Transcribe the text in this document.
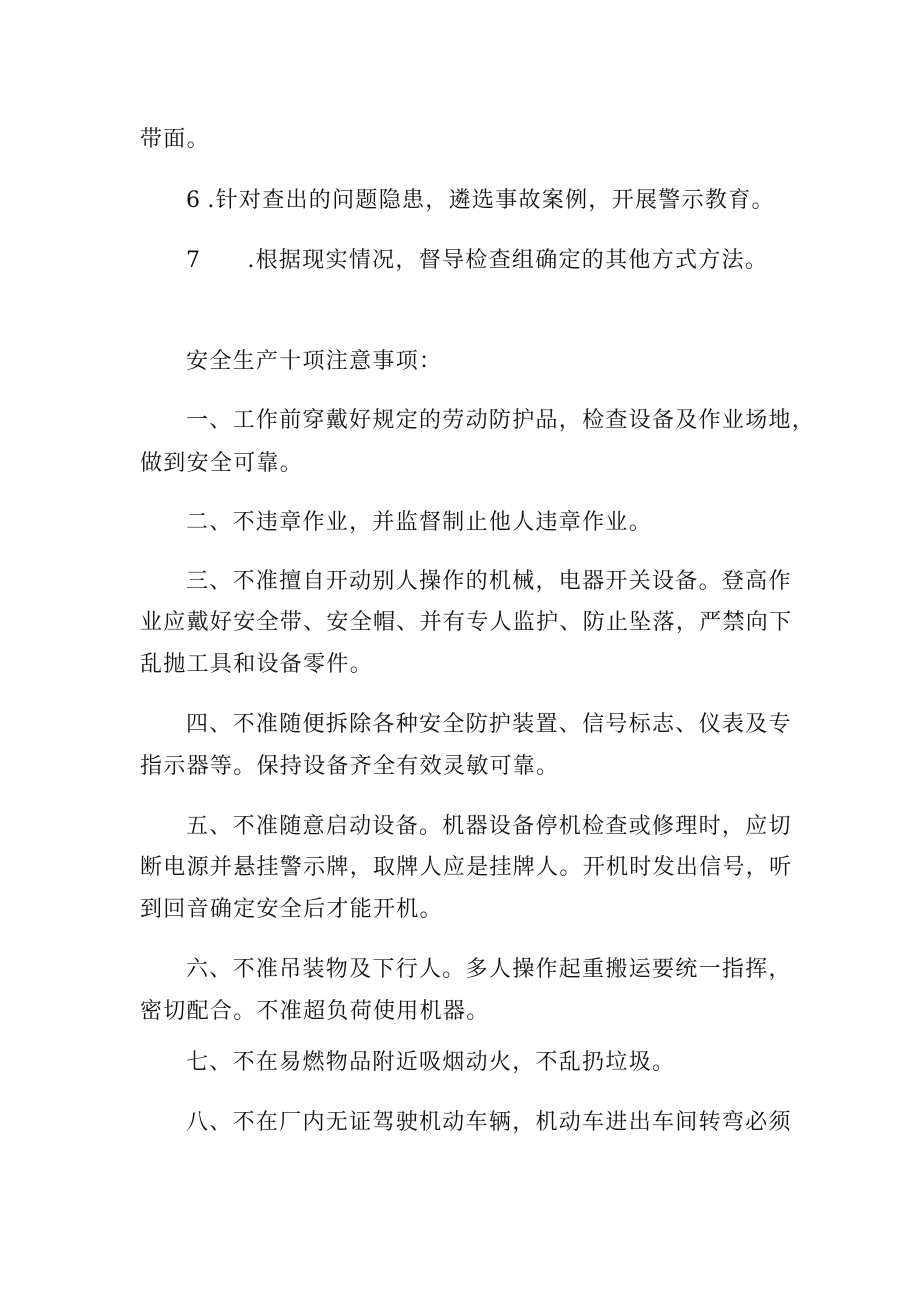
带面。
6 .针对查出的问题隐患，遴选事故案例，开展警示教育。
7 .根据现实情况，督导检查组确定的其他方式方法。
安全生产十项注意事项：
一、工作前穿戴好规定的劳动防护品，检查设备及作业场地，
做到安全可靠。
二、不违章作业，并监督制止他人违章作业。
三、不准擅自开动别人操作的机械，电器开关设备。登高作
业应戴好安全带、安全帽、并有专人监护、防止坠落，严禁向下
乱抛工具和设备零件。
四、不准随便拆除各种安全防护装置、信号标志、仪表及专
指示器等。保持设备齐全有效灵敏可靠。
五、不准随意启动设备。机器设备停机检查或修理时，应切
断电源并悬挂警示牌，取牌人应是挂牌人。开机时发出信号，听
到回音确定安全后才能开机。
六、不准吊装物及下行人。多人操作起重搬运要统一指挥，
密切配合。不准超负荷使用机器。
七、不在易燃物品附近吸烟动火，不乱扔垃圾。
八、不在厂内无证驾驶机动车辆，机动车进出车间转弯必须
